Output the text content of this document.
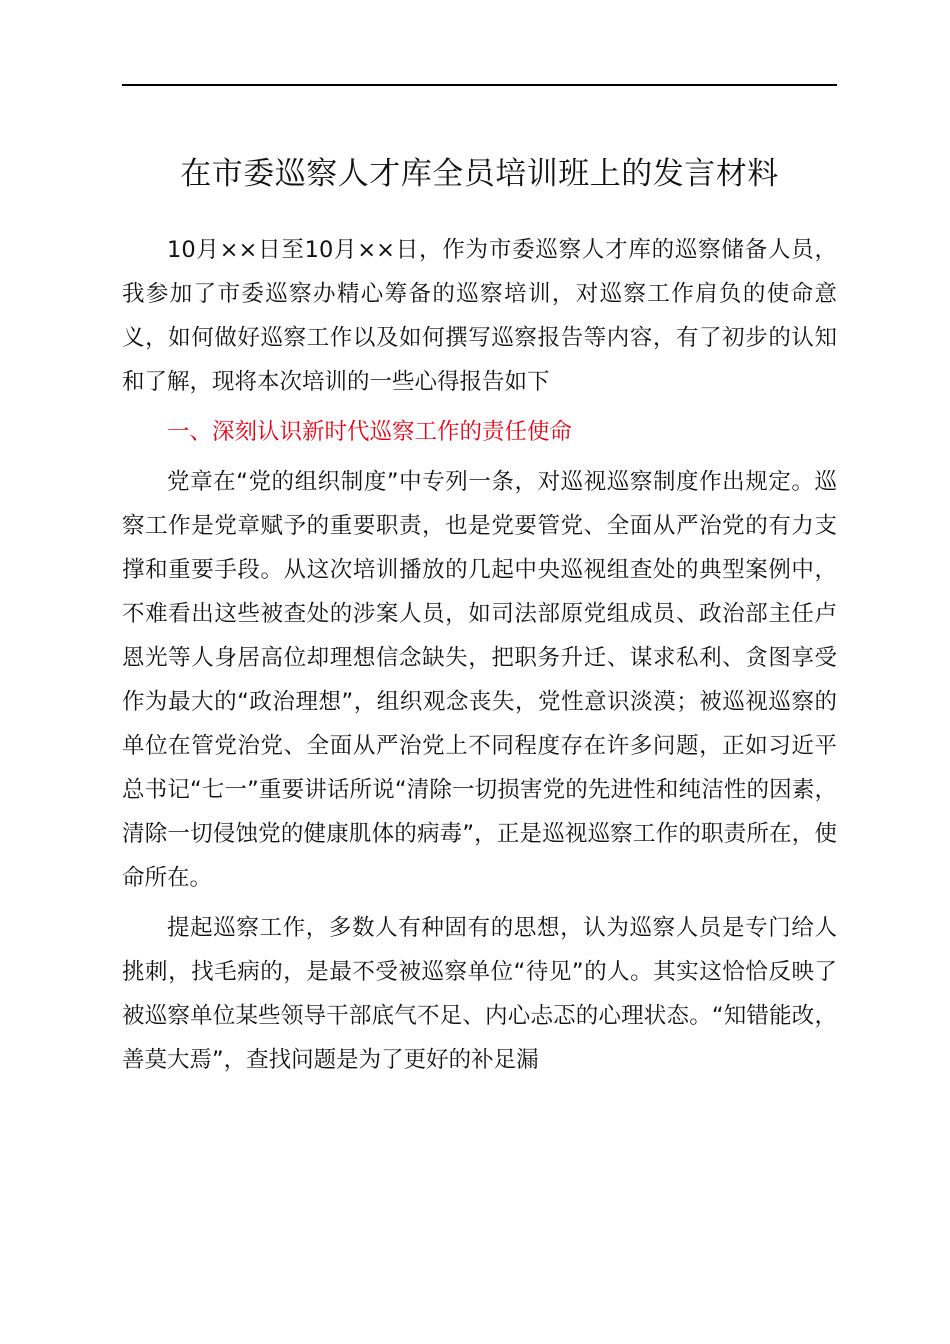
在市委巡察人才库全员培训班上的发言材料

10月××日至10月××日，作为市委巡察人才库的巡察储备人员，我参加了市委巡察办精心筹备的巡察培训，对巡察工作肩负的使命意义，如何做好巡察工作以及如何撰写巡察报告等内容，有了初步的认知和了解，现将本次培训的一些心得报告如下

一、深刻认识新时代巡察工作的责任使命

党章在“党的组织制度”中专列一条，对巡视巡察制度作出规定。巡察工作是党章赋予的重要职责，也是党要管党、全面从严治党的有力支撑和重要手段。从这次培训播放的几起中央巡视组查处的典型案例中，不难看出这些被查处的涉案人员，如司法部原党组成员、政治部主任卢恩光等人身居高位却理想信念缺失，把职务升迁、谋求私利、贪图享受作为最大的“政治理想”，组织观念丧失，党性意识淡漠；被巡视巡察的单位在管党治党、全面从严治党上不同程度存在许多问题，正如习近平总书记“七一”重要讲话所说“清除一切损害党的先进性和纯洁性的因素，清除一切侵蚀党的健康肌体的病毒”，正是巡视巡察工作的职责所在，使命所在。

提起巡察工作，多数人有种固有的思想，认为巡察人员是专门给人挑刺，找毛病的，是最不受被巡察单位“待见”的人。其实这恰恰反映了被巡察单位某些领导干部底气不足、内心忐忑的心理状态。“知错能改，善莫大焉”，查找问题是为了更好的补足漏
